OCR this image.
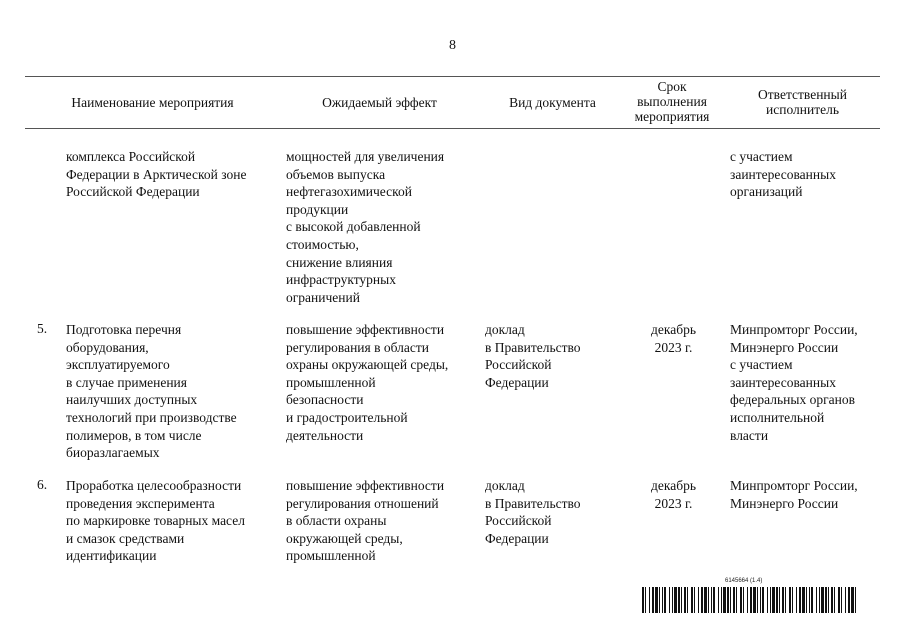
8
Наименование мероприятия	Ожидаемый эффект	Вид документа
Срок
выполнения
мероприятия
Ответственный
исполнитель
комплекса Российской
Федерации в Арктической зоне
Российской Федерации
мощностей для увеличения
объемов выпуска
нефтегазохимической
продукции
с высокой добавленной
стоимостью,
снижение влияния
инфраструктурных
ограничений
с участием
заинтересованных
организаций
5. Подготовка перечня
оборудования,
эксплуатируемого
в случае применения
наилучших доступных
технологий при производстве
полимеров, в том числе
биоразлагаемых
повышение эффективности
регулирования в области
охраны окружающей среды,
промышленной
безопасности
и градостроительной
деятельности
доклад
в Правительство
Российской
Федерации
декабрь
2023 г.
Минпромторг России,
Минэнерго России
с участием
заинтересованных
федеральных органов
исполнительной
власти
6. Проработка целесообразности
проведения эксперимента
по маркировке товарных масел
и смазок средствами
идентификации
повышение эффективности
регулирования отношений
в области охраны
окружающей среды,
промышленной
доклад
в Правительство
Российской
Федерации
декабрь
2023 г.
Минпромторг России,
Минэнерго России
6145664 (1.4)
